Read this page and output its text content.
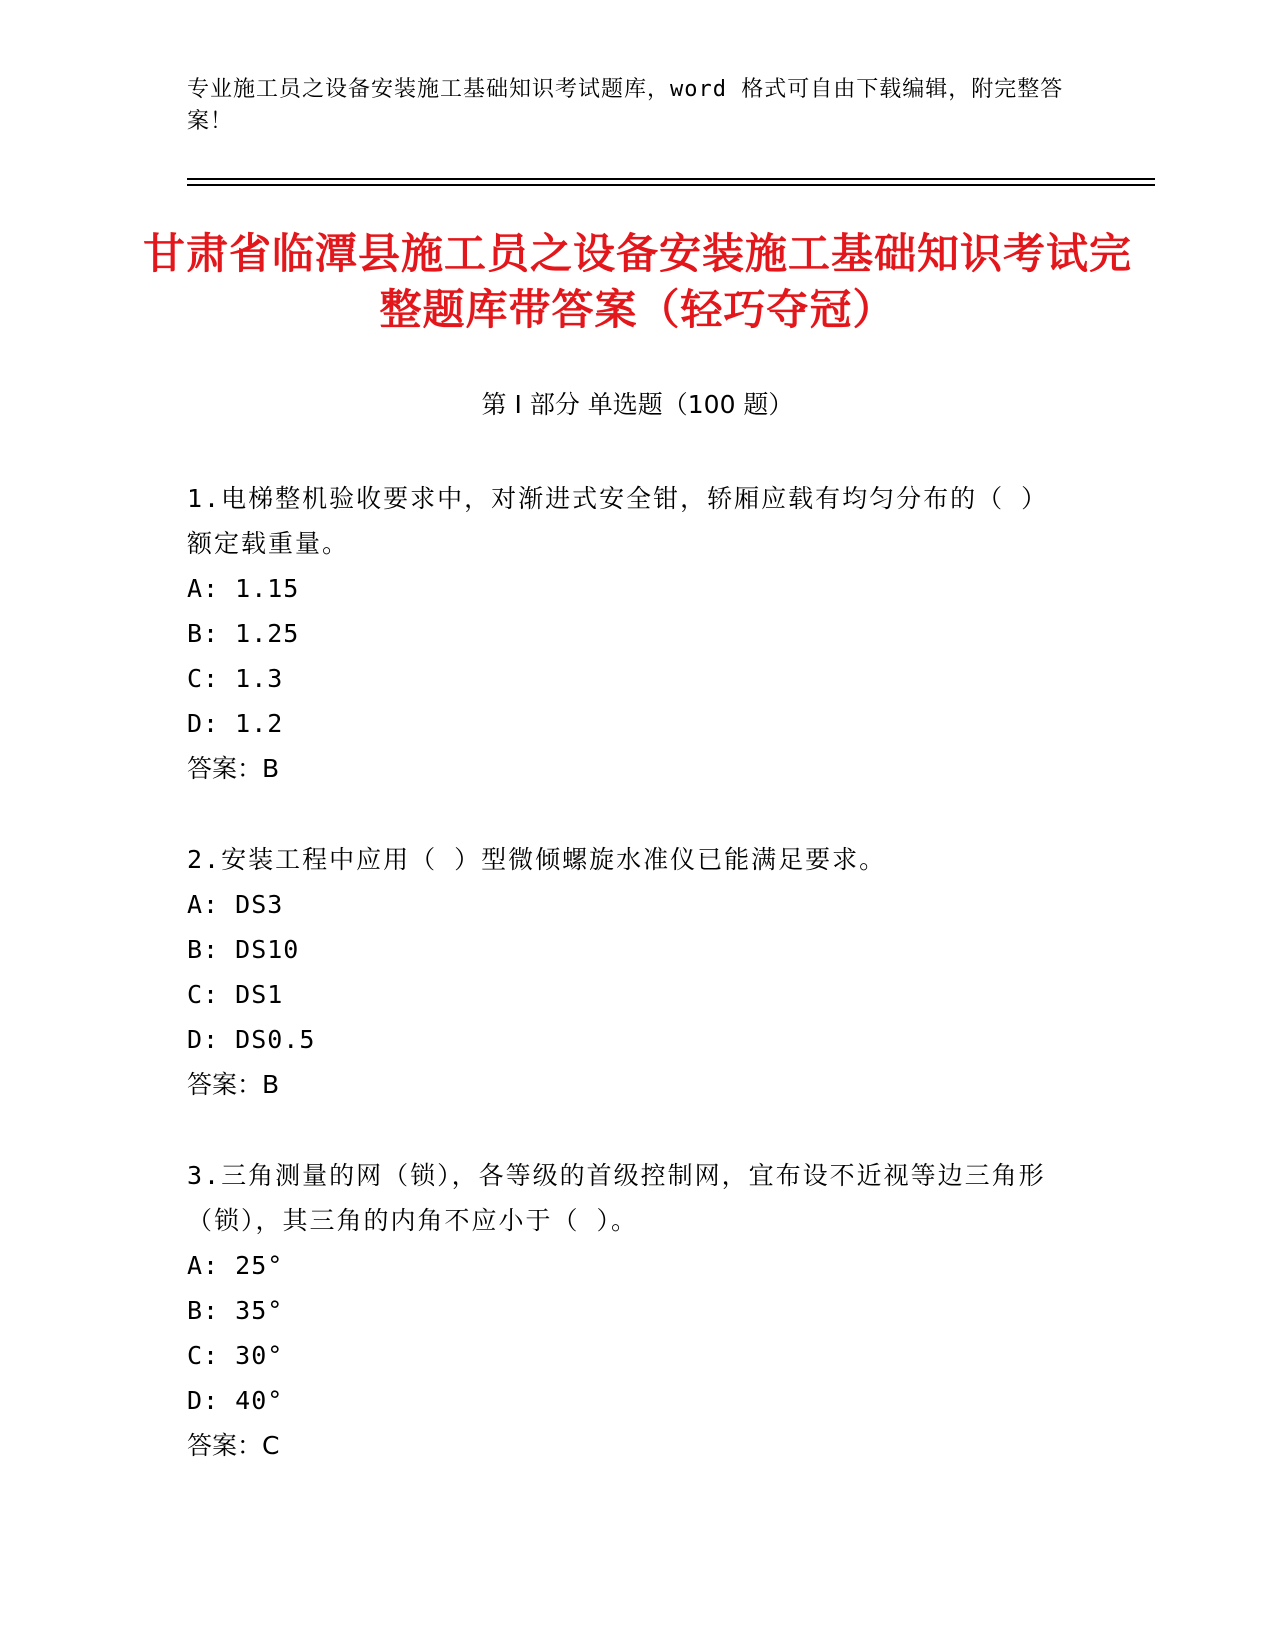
专业施工员之设备安装施工基础知识考试题库，word 格式可自由下载编辑，附完整答案！
甘肃省临潭县施工员之设备安装施工基础知识考试完整题库带答案（轻巧夺冠）
第 I 部分 单选题（100 题）
1.电梯整机验收要求中，对渐进式安全钳，轿厢应载有均匀分布的（ ）额定载重量。
A: 1.15
B: 1.25
C: 1.3
D: 1.2
答案：B
2.安装工程中应用（ ）型微倾螺旋水准仪已能满足要求。
A: DS3
B: DS10
C: DS1
D: DS0.5
答案：B
3.三角测量的网（锁），各等级的首级控制网，宜布设不近视等边三角形（锁），其三角的内角不应小于（ ）。
A: 25°
B: 35°
C: 30°
D: 40°
答案：C
